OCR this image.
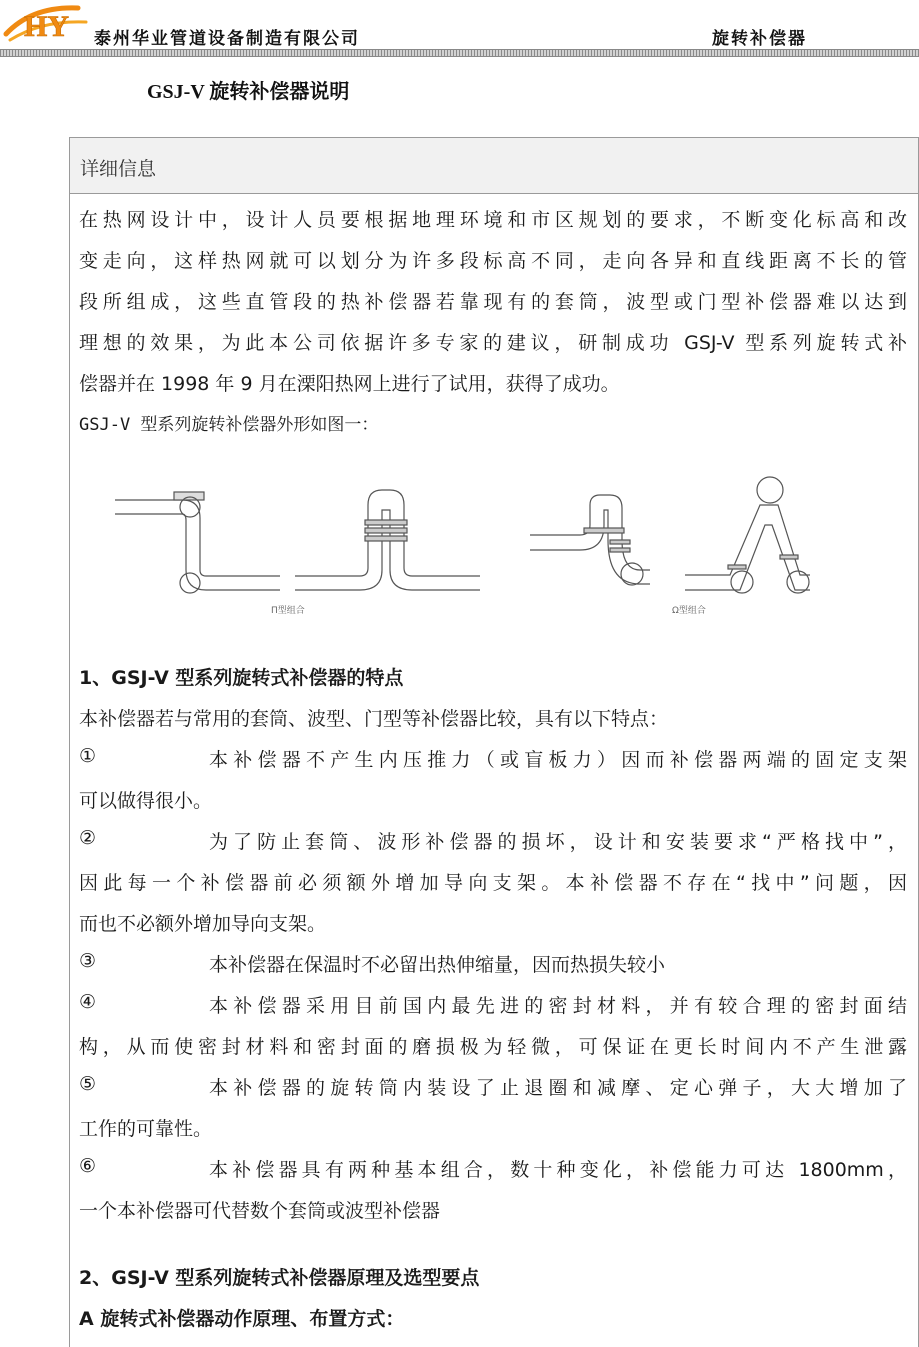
HY 泰州华业管道设备制造有限公司	旋转补偿器
GSJ-V 旋转补偿器说明
详细信息
在热网设计中，设计人员要根据地理环境和市区规划的要求，不断变化标高和改
变走向，这样热网就可以划分为许多段标高不同，走向各异和直线距离不长的管
段所组成，这些直管段的热补偿器若靠现有的套筒，波型或门型补偿器难以达到
理想的效果，为此本公司依据许多专家的建议，研制成功 GSJ-V 型系列旋转式补
偿器并在 1998 年 9 月在溧阳热网上进行了试用，获得了成功。
GSJ-V 型系列旋转补偿器外形如图一：
Π型组合	Ω型组合
1、GSJ-V 型系列旋转式补偿器的特点
本补偿器若与常用的套筒、波型、门型等补偿器比较，具有以下特点：
①	本补偿器不产生内压推力（或盲板力）因而补偿器两端的固定支架
可以做得很小。
②	为了防止套筒、波形补偿器的损坏，设计和安装要求“严格找中”，
因此每一个补偿器前必须额外增加导向支架。本补偿器不存在“找中”问题，因
而也不必额外增加导向支架。
③	本补偿器在保温时不必留出热伸缩量，因而热损失较小
④	本补偿器采用目前国内最先进的密封材料，并有较合理的密封面结
构，从而使密封材料和密封面的磨损极为轻微，可保证在更长时间内不产生泄露
⑤	本补偿器的旋转筒内装设了止退圈和减摩、定心弹子，大大增加了
工作的可靠性。
⑥	本补偿器具有两种基本组合，数十种变化，补偿能力可达 1800mm，
一个本补偿器可代替数个套筒或波型补偿器
2、GSJ-V 型系列旋转式补偿器原理及选型要点
A 旋转式补偿器动作原理、布置方式：
